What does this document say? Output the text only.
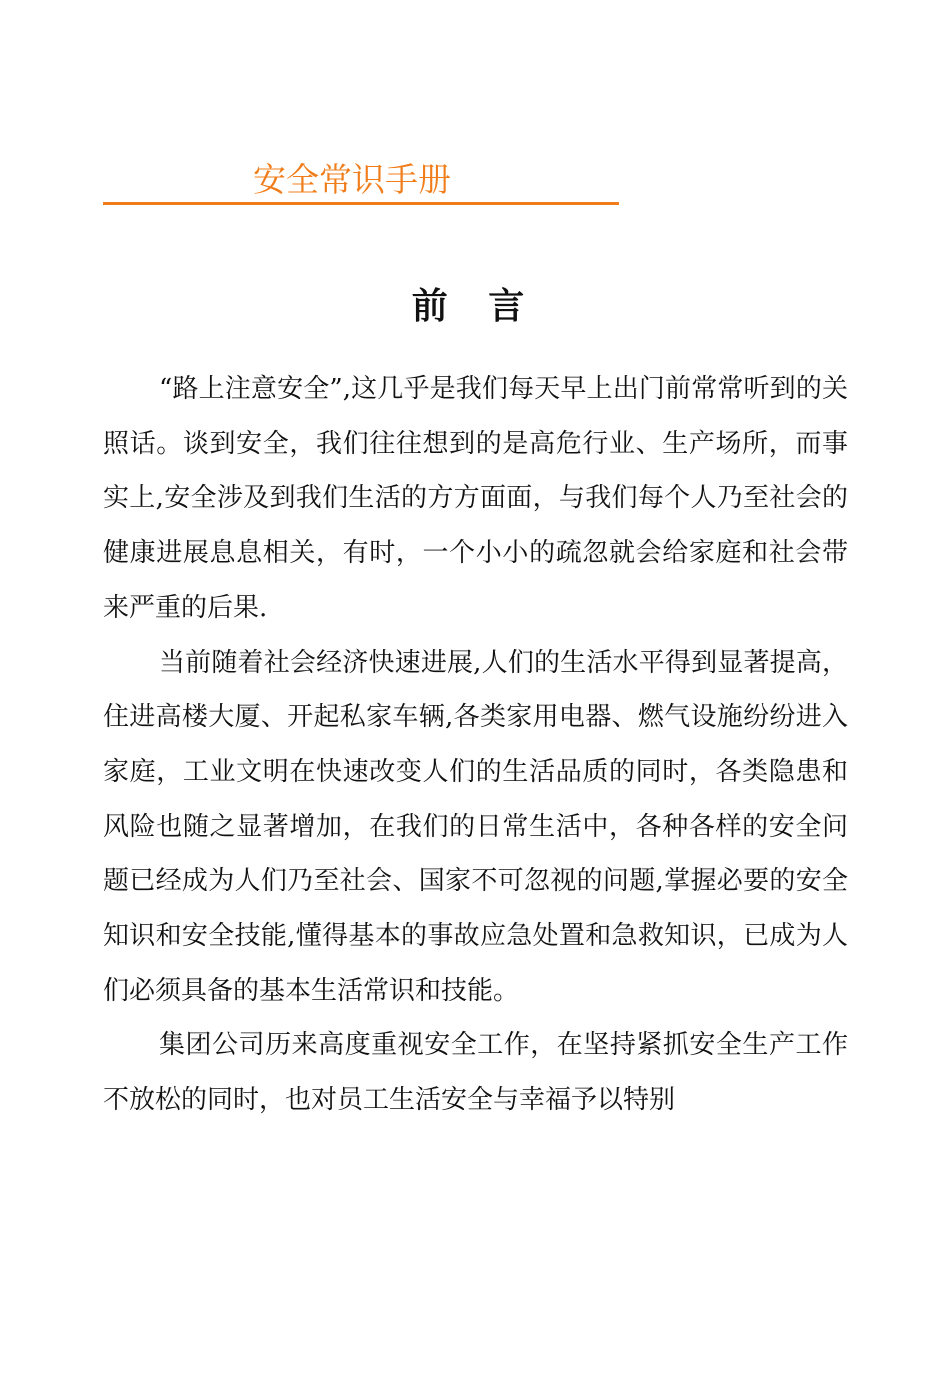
安全常识手册
前 言

“路上注意安全”,这几乎是我们每天早上出门前常常听到的关照话。谈到安全，我们往往想到的是高危行业、生产场所，而事实上,安全涉及到我们生活的方方面面，与我们每个人乃至社会的健康进展息息相关，有时，一个小小的疏忽就会给家庭和社会带来严重的后果.

当前随着社会经济快速进展,人们的生活水平得到显著提高，住进高楼大厦、开起私家车辆,各类家用电器、燃气设施纷纷进入家庭，工业文明在快速改变人们的生活品质的同时，各类隐患和风险也随之显著增加，在我们的日常生活中，各种各样的安全问题已经成为人们乃至社会、国家不可忽视的问题,掌握必要的安全知识和安全技能,懂得基本的事故应急处置和急救知识，已成为人们必须具备的基本生活常识和技能。

集团公司历来高度重视安全工作，在坚持紧抓安全生产工作不放松的同时，也对员工生活安全与幸福予以特别
